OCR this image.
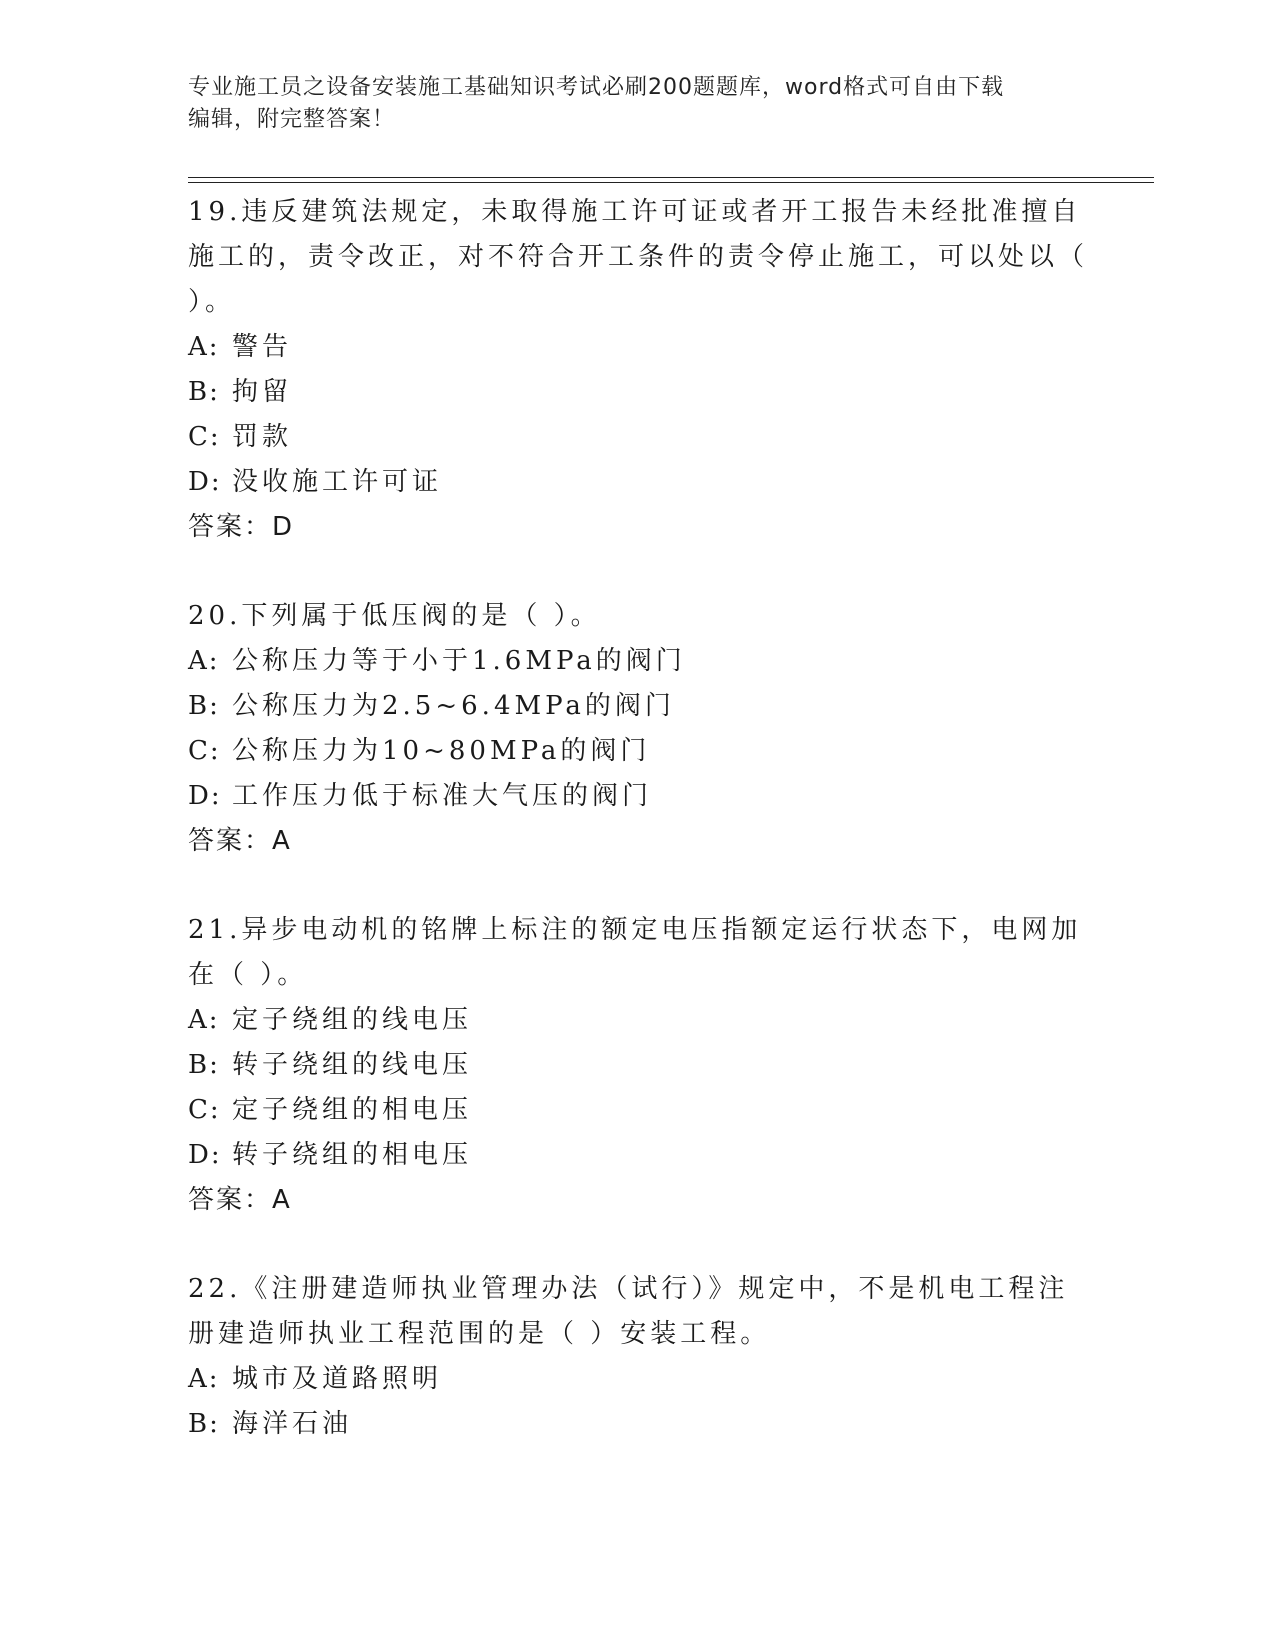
专业施工员之设备安装施工基础知识考试必刷200题题库，word格式可自由下载
编辑，附完整答案！

19.违反建筑法规定，未取得施工许可证或者开工报告未经批准擅自施工的，责令改正，对不符合开工条件的责令停止施工，可以处以（ ）。

A: 警告

B: 拘留

C: 罚款

D: 没收施工许可证

答案：D

20.下列属于低压阀的是（ ）。

A: 公称压力等于小于1.6MPa的阀门

B: 公称压力为2.5~6.4MPa的阀门

C: 公称压力为10~80MPa的阀门

D: 工作压力低于标准大气压的阀门

答案：A

21.异步电动机的铭牌上标注的额定电压指额定运行状态下，电网加在（ ）。

A: 定子绕组的线电压

B: 转子绕组的线电压

C: 定子绕组的相电压

D: 转子绕组的相电压

答案：A

22.《注册建造师执业管理办法（试行）》规定中，不是机电工程注册建造师执业工程范围的是（ ）安装工程。

A: 城市及道路照明

B: 海洋石油
